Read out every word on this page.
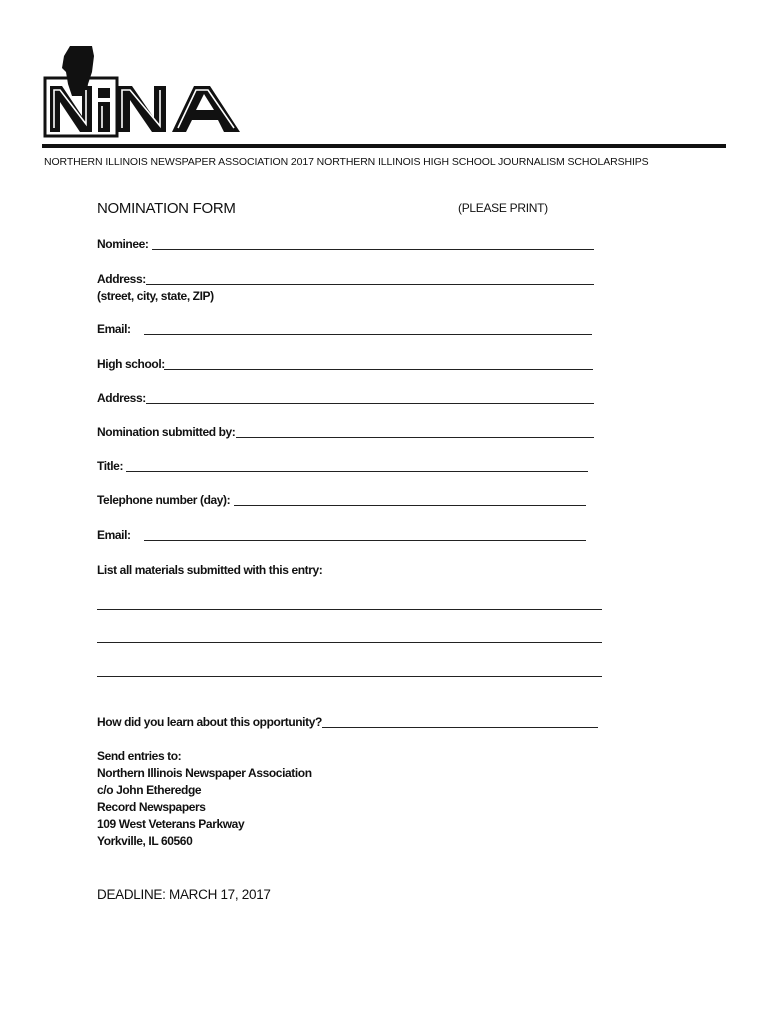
NORTHERN ILLINOIS NEWSPAPER ASSOCIATION 2017 NORTHERN ILLINOIS HIGH SCHOOL JOURNALISM SCHOLARSHIPS
NOMINATION FORM	(PLEASE PRINT)
Nominee:
Address:
(street, city, state, ZIP)
Email:
High school:
Address:
Nomination submitted by:
Title:
Telephone number (day):
Email:
List all materials submitted with this entry:
How did you learn about this opportunity?
Send entries to:
Northern Illinois Newspaper Association
c/o John Etheredge
Record Newspapers
109 West Veterans Parkway
Yorkville, IL 60560
DEADLINE: MARCH 17, 2017
